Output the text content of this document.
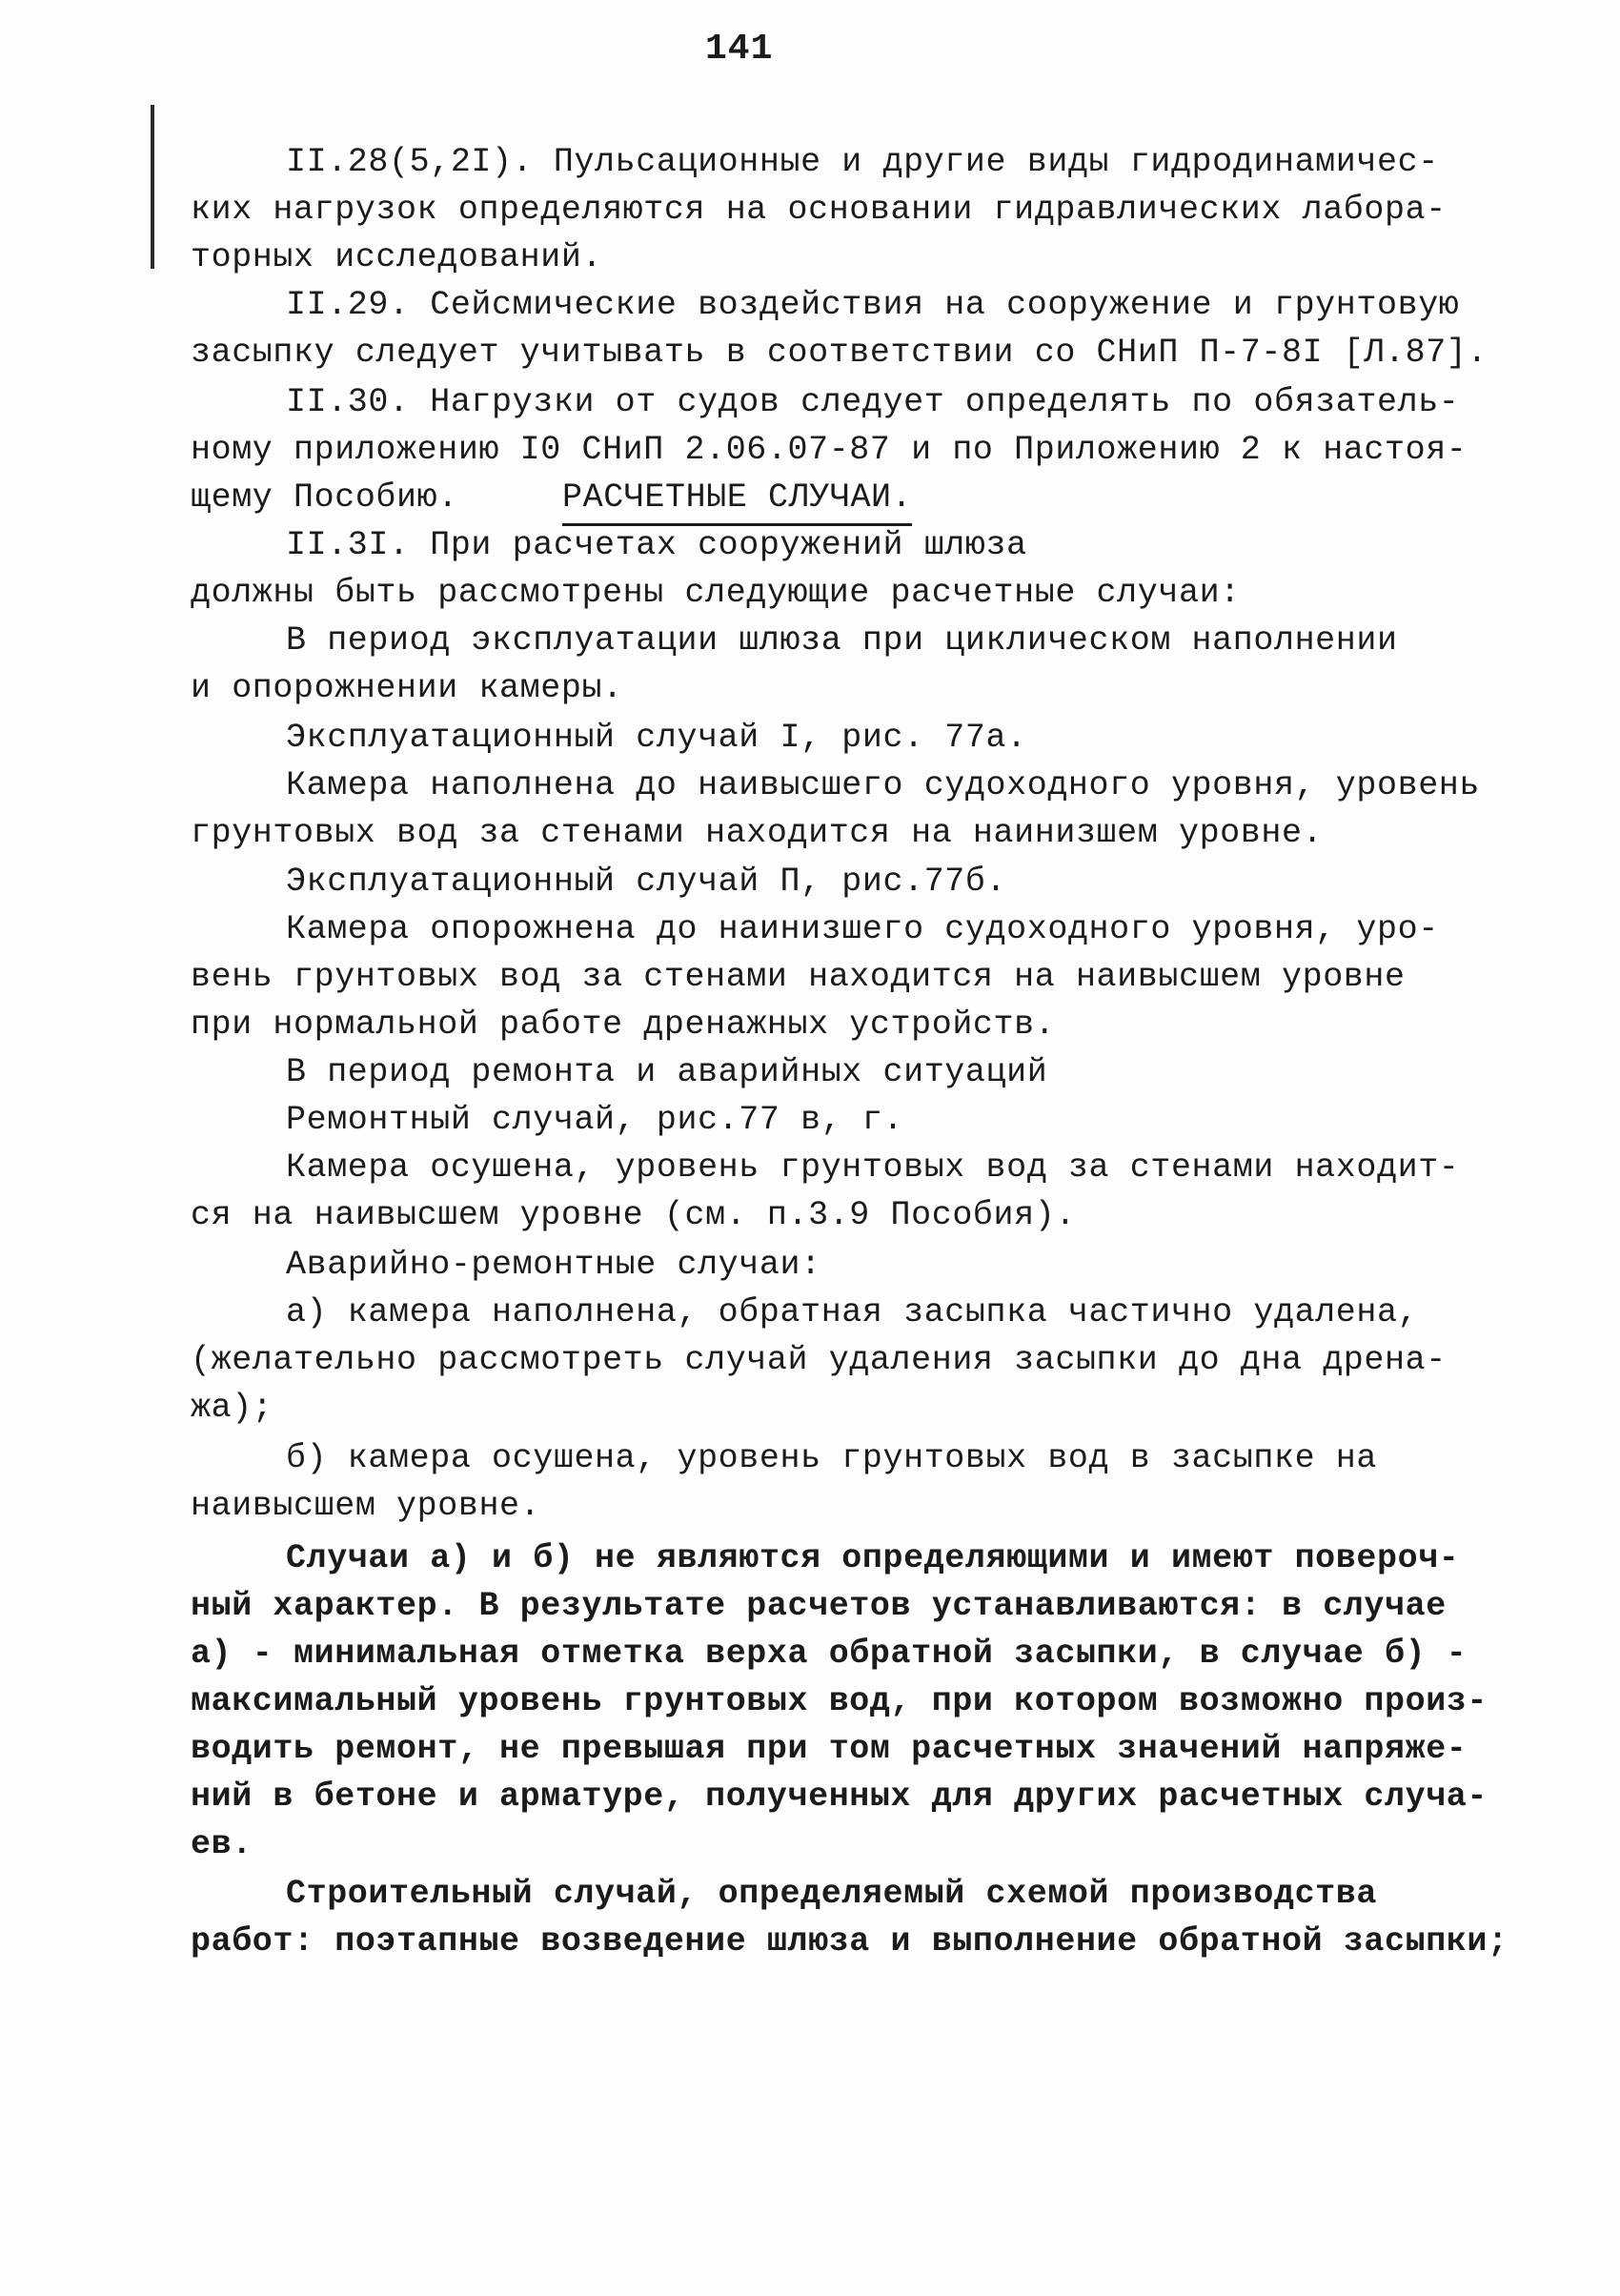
141
II.28(5,2I). Пульсационные и другие виды гидродинамичес-
ких нагрузок определяются на основании гидравлических лабора-
торных исследований.
II.29. Сейсмические воздействия на сооружение и грунтовую
засыпку следует учитывать в соответствии со СНиП П-7-8I [Л.87].
II.30. Нагрузки от судов следует определять по обязатель-
ному приложению I0 СНиП 2.06.07-87 и по Приложению 2 к настоя-
щему Пособию.	РАСЧЕТНЫЕ СЛУЧАИ.
II.3I. При расчетах сооружений шлюза
должны быть рассмотрены следующие расчетные случаи:
В период эксплуатации шлюза при циклическом наполнении
и опорожнении камеры.
Эксплуатационный случай I, рис. 77а.
Камера наполнена до наивысшего судоходного уровня, уровень
грунтовых вод за стенами находится на наинизшем уровне.
Эксплуатационный случай П, рис.77б.
Камера опорожнена до наинизшего судоходного уровня, уро-
вень грунтовых вод за стенами находится на наивысшем уровне
при нормальной работе дренажных устройств.
В период ремонта и аварийных ситуаций
Ремонтный случай, рис.77 в, г.
Камера осушена, уровень грунтовых вод за стенами находит-
ся на наивысшем уровне (см. п.3.9 Пособия).
Аварийно-ремонтные случаи:
а) камера наполнена, обратная засыпка частично удалена,
(желательно рассмотреть случай удаления засыпки до дна дрена-
жа);
б) камера осушена, уровень грунтовых вод в засыпке на
наивысшем уровне.
Случаи а) и б) не являются определяющими и имеют повероч-
ный характер. В результате расчетов устанавливаются: в случае
а) - минимальная отметка верха обратной засыпки, в случае б) -
максимальный уровень грунтовых вод, при котором возможно произ-
водить ремонт, не превышая при том расчетных значений напряже-
ний в бетоне и арматуре, полученных для других расчетных случа-
ев.
Строительный случай, определяемый схемой производства
работ: поэтапные возведение шлюза и выполнение обратной засыпки;
